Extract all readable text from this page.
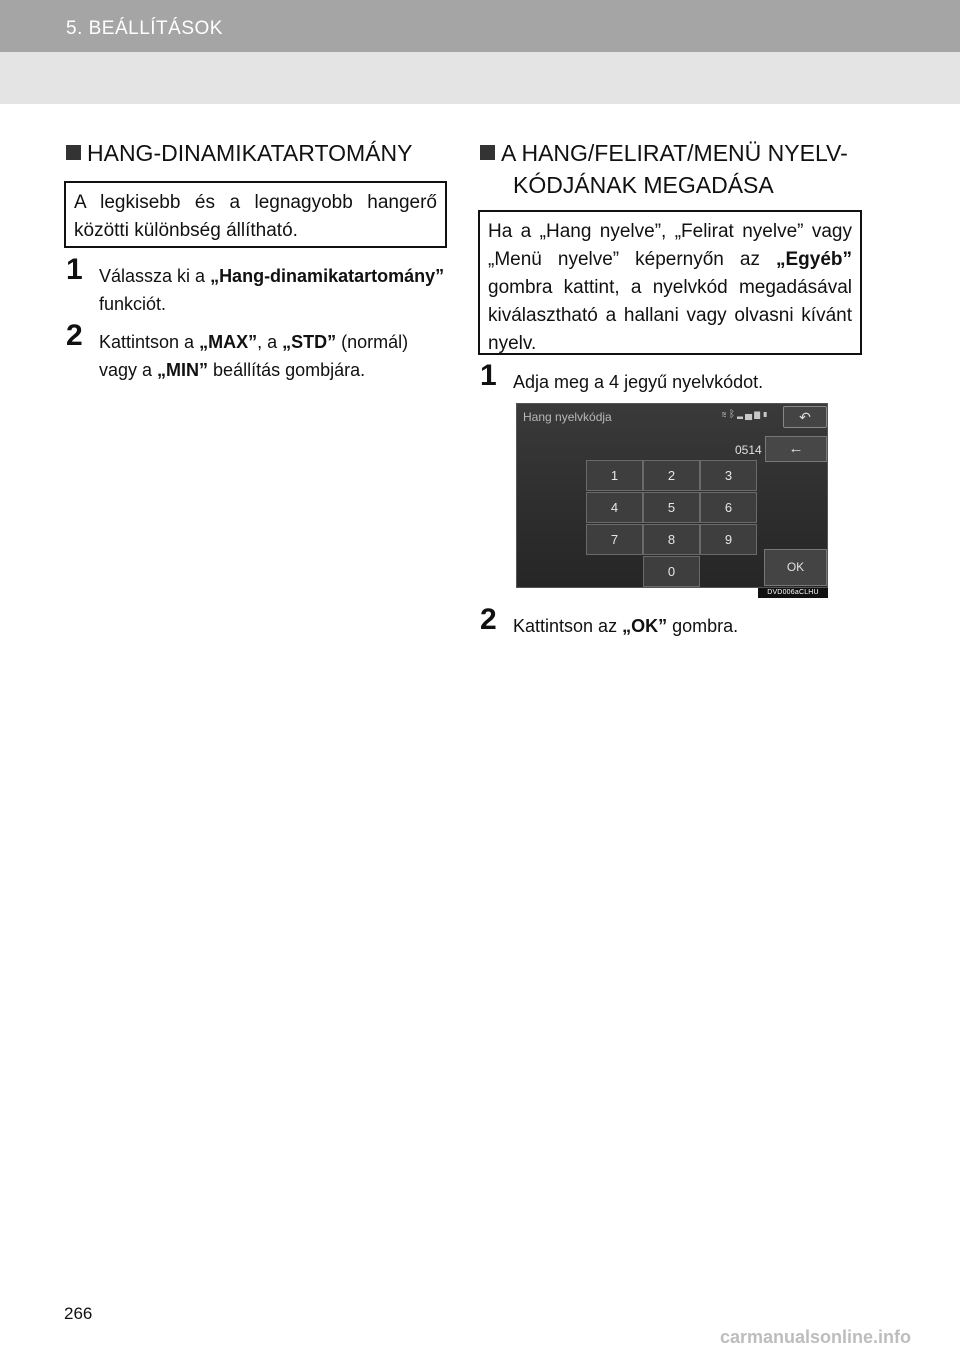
5. BEÁLLÍTÁSOK
HANG-DINAMIKATARTOMÁNY
A legkisebb és a legnagyobb hangerő közötti különbség állítható.
1 Válassza ki a „Hang-dinamikatartomány” funkciót.
2 Kattintson a „MAX”, a „STD” (normál) vagy a „MIN” beállítás gombjára.
A HANG/FELIRAT/MENÜ NYELV-
KÓDJÁNAK MEGADÁSA
Ha a „Hang nyelve”, „Felirat nyelve” vagy „Menü nyelve” képernyőn az „Egyéb” gombra kattint, a nyelvkód megadásával kiválasztható a hallani vagy olvasni kívánt nyelv.
1 Adja meg a 4 jegyű nyelvkódot.
Hang nyelvkódja	≋ᛒ▂▄▆▮	↶
0514	←
1	2	3
4	5	6
7	8	9
0	OK
DVD006aCLHU
2 Kattintson az „OK” gombra.
266
carmanualsonline.info
